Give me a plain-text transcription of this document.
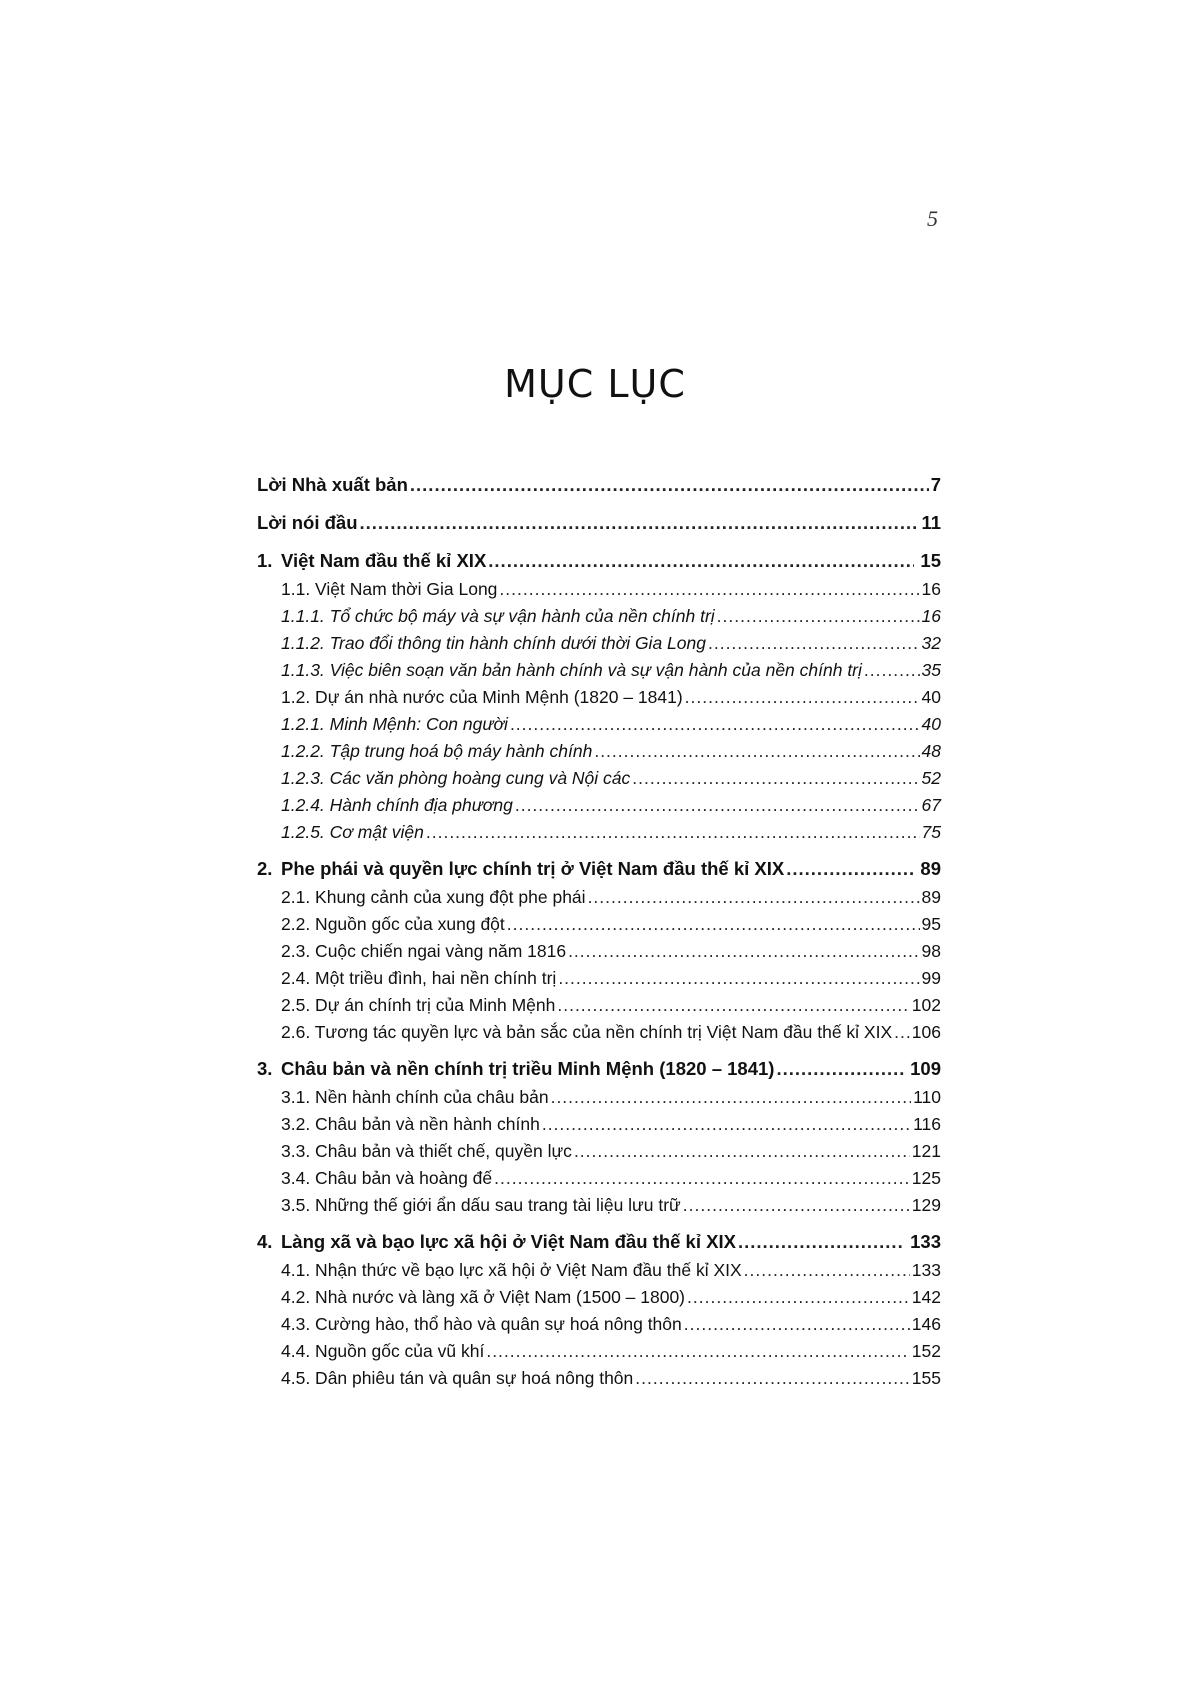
5
MỤC LỤC
Lời Nhà xuất bản .....	7
Lời nói đầu .....	11
1. Việt Nam đầu thế kỉ XIX .....	15
1.1. Việt Nam thời Gia Long .....	16
1.1.1. Tổ chức bộ máy và sự vận hành của nền chính trị .....	16
1.1.2. Trao đổi thông tin hành chính dưới thời Gia Long .....	32
1.1.3. Việc biên soạn văn bản hành chính và sự vận hành của nền chính trị .....	35
1.2. Dự án nhà nước của Minh Mệnh (1820 – 1841) .....	40
1.2.1. Minh Mệnh: Con người .....	40
1.2.2. Tập trung hoá bộ máy hành chính .....	48
1.2.3. Các văn phòng hoàng cung và Nội các .....	52
1.2.4. Hành chính địa phương .....	67
1.2.5. Cơ mật viện .....	75
2. Phe phái và quyền lực chính trị ở Việt Nam đầu thế kỉ XIX .....	89
2.1. Khung cảnh của xung đột phe phái .....	89
2.2. Nguồn gốc của xung đột .....	95
2.3. Cuộc chiến ngai vàng năm 1816 .....	98
2.4. Một triều đình, hai nền chính trị .....	99
2.5. Dự án chính trị của Minh Mệnh .....	102
2.6. Tương tác quyền lực và bản sắc của nền chính trị Việt Nam đầu thế kỉ XIX ..... 106
3. Châu bản và nền chính trị triều Minh Mệnh (1820 – 1841) .....	109
3.1. Nền hành chính của châu bản .....	110
3.2. Châu bản và nền hành chính .....	116
3.3. Châu bản và thiết chế, quyền lực .....	121
3.4. Châu bản và hoàng đế .....	125
3.5. Những thế giới ẩn dấu sau trang tài liệu lưu trữ .....	129
4. Làng xã và bạo lực xã hội ở Việt Nam đầu thế kỉ XIX .....	133
4.1. Nhận thức về bạo lực xã hội ở Việt Nam đầu thế kỉ XIX .....	133
4.2. Nhà nước và làng xã ở Việt Nam (1500 – 1800) .....	142
4.3. Cường hào, thổ hào và quân sự hoá nông thôn .....	146
4.4. Nguồn gốc của vũ khí .....	152
4.5. Dân phiêu tán và quân sự hoá nông thôn .....	155
